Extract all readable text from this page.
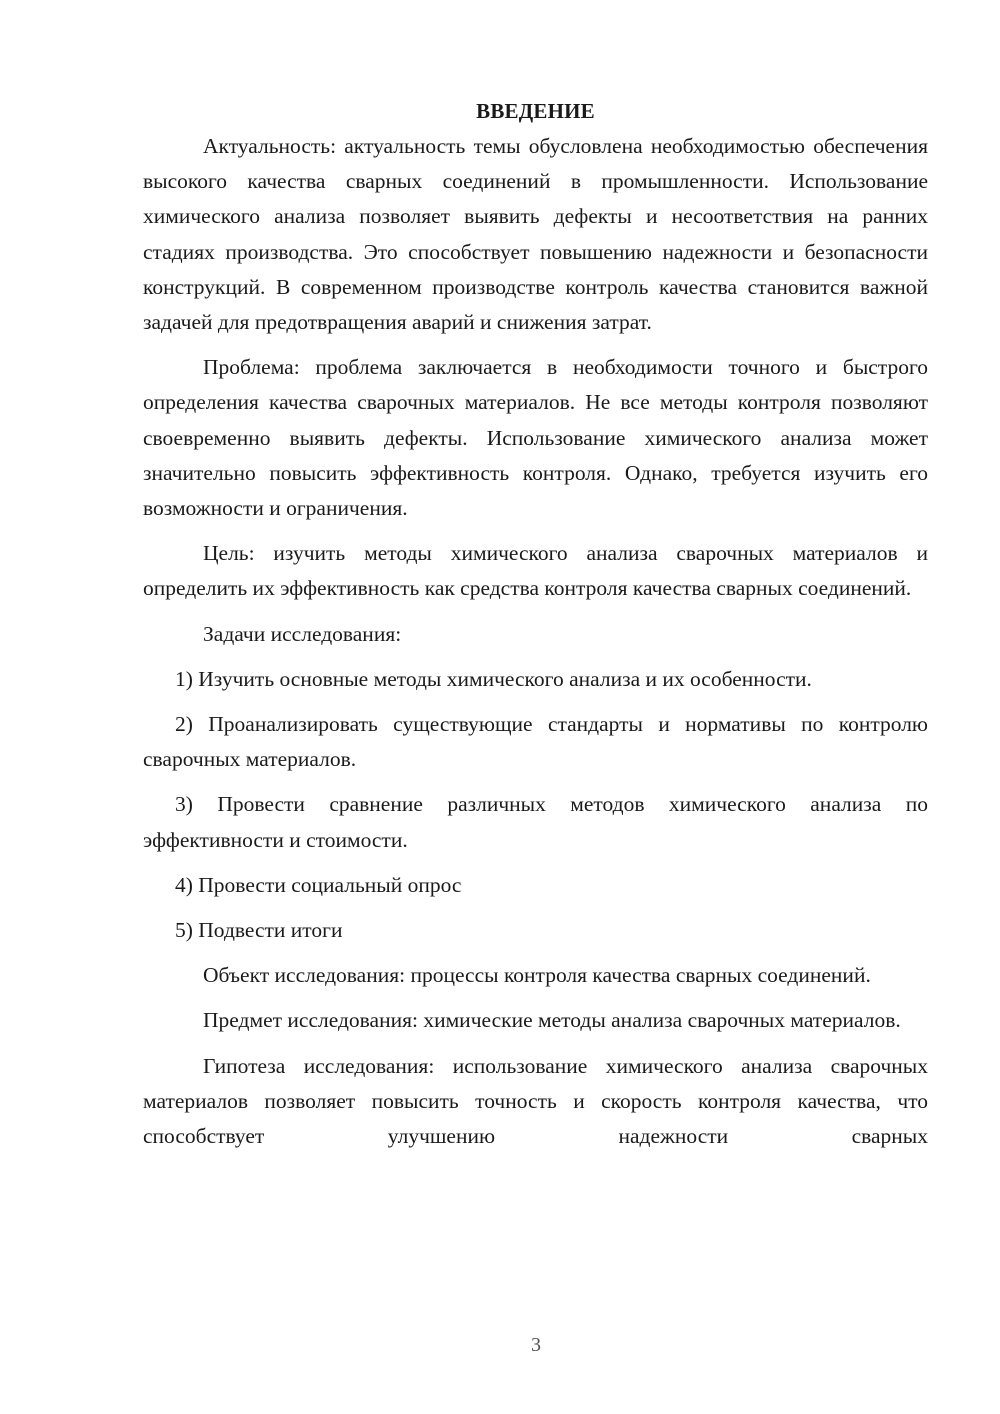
ВВЕДЕНИЕ

Актуальность: актуальность темы обусловлена необходимостью обеспечения высокого качества сварных соединений в промышленности. Использование химического анализа позволяет выявить дефекты и несоответствия на ранних стадиях производства. Это способствует повышению надежности и безопасности конструкций. В современном производстве контроль качества становится важной задачей для предотвращения аварий и снижения затрат.

Проблема: проблема заключается в необходимости точного и быстрого определения качества сварочных материалов. Не все методы контроля позволяют своевременно выявить дефекты. Использование химического анализа может значительно повысить эффективность контроля. Однако, требуется изучить его возможности и ограничения.

Цель: изучить методы химического анализа сварочных материалов и определить их эффективность как средства контроля качества сварных соединений.

Задачи исследования:

1) Изучить основные методы химического анализа и их особенности.

2) Проанализировать существующие стандарты и нормативы по контролю сварочных материалов.

3) Провести сравнение различных методов химического анализа по эффективности и стоимости.

4) Провести социальный опрос

5) Подвести итоги

Объект исследования: процессы контроля качества сварных соединений.

Предмет исследования: химические методы анализа сварочных материалов.

Гипотеза исследования: использование химического анализа сварочных материалов позволяет повысить точность и скорость контроля качества, что способствует улучшению надежности сварных

3
